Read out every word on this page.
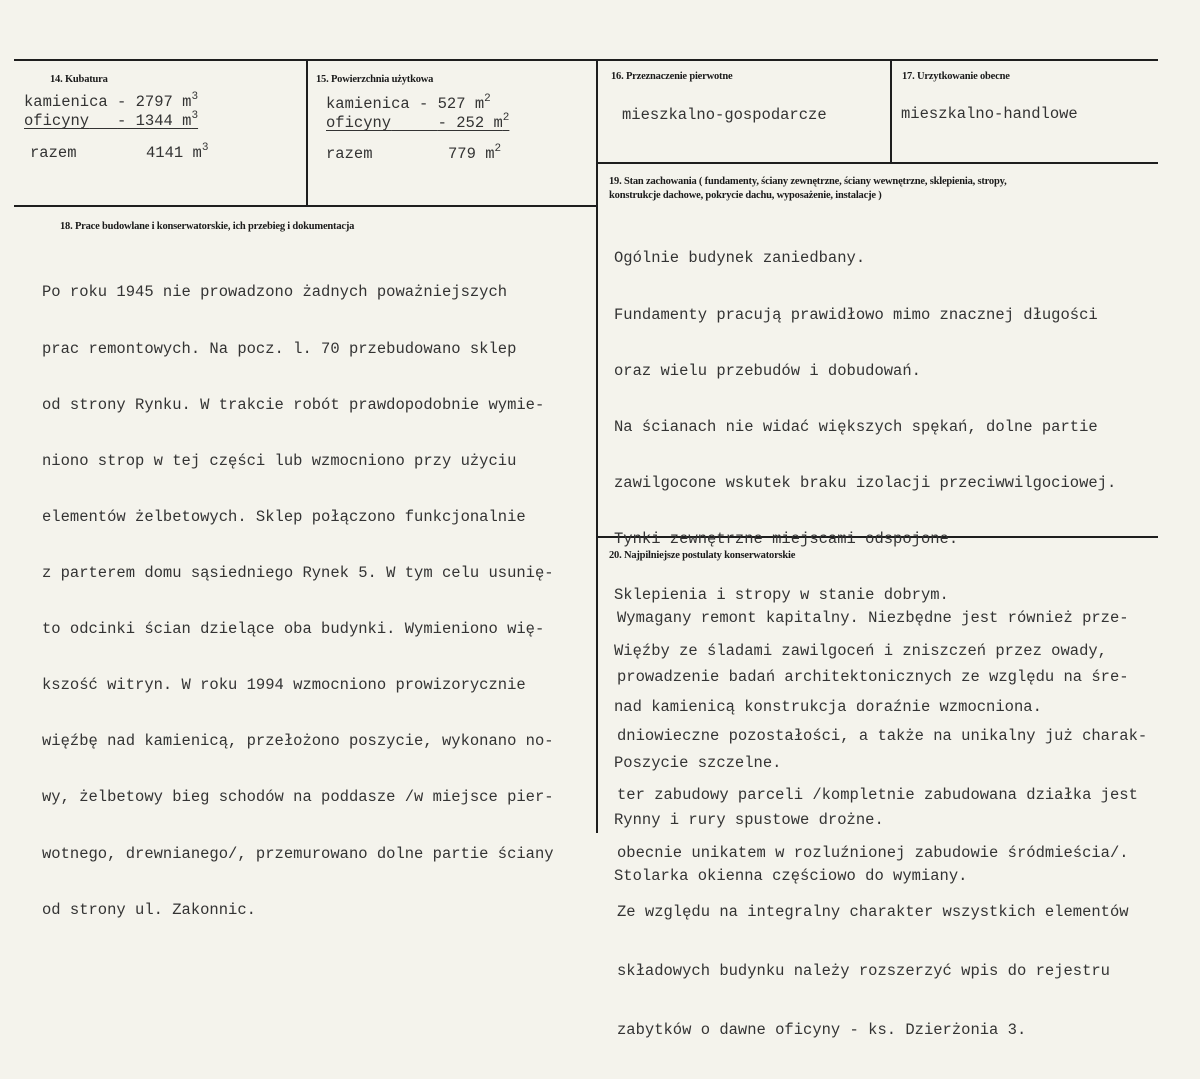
14. Kubatura
kamienica - 2797 $m^3$
oficyny - 1344 $m^3$
razem	4141 $m^3$
15. Powierzchnia użytkowa
kamienica - 527 $m^2$
oficyny	- 252 $m^2$
razem	779 $m^2$
16. Przeznaczenie pierwotne
mieszkalno-gospodarcze
17. Urzytkowanie obecne
mieszkalno-handlowe
18. Prace budowlane i konserwatorskie, ich przebieg i dokumentacja

Po roku 1945 nie prowadzono żadnych poważniejszych

prac remontowych. Na pocz. l. 70 przebudowano sklep

od strony Rynku. W trakcie robót prawdopodobnie wymie-

niono strop w tej części lub wzmocniono przy użyciu

elementów żelbetowych. Sklep połączono funkcjonalnie

z parterem domu sąsiedniego Rynek 5. W tym celu usunię-

to odcinki ścian dzielące oba budynki. Wymieniono wię-

kszość witryn. W roku 1994 wzmocniono prowizorycznie

więźbę nad kamienicą, przełożono poszycie, wykonano no-

wy, żelbetowy bieg schodów na poddasze /w miejsce pier-

wotnego, drewnianego/, przemurowano dolne partie ściany

od strony ul. Zakonnic.

19. Stan zachowania ( fundamenty, ściany zewnętrzne, ściany wewnętrzne, sklepienia, stropy,
konstrukcje dachowe, pokrycie dachu, wyposażenie, instalacje )

Ogólnie budynek zaniedbany.

Fundamenty pracują prawidłowo mimo znacznej długości

oraz wielu przebudów i dobudowań.

Na ścianach nie widać większych spękań, dolne partie

zawilgocone wskutek braku izolacji przeciwwilgociowej.

Tynki zewnętrzne miejscami odspojone.

Sklepienia i stropy w stanie dobrym.

Więźby ze śladami zawilgoceń i zniszczeń przez owady,

nad kamienicą konstrukcja doraźnie wzmocniona.

Poszycie szczelne.

Rynny i rury spustowe drożne.

Stolarka okienna częściowo do wymiany.

20. Najpilniejsze postulaty konserwatorskie

Wymagany remont kapitalny. Niezbędne jest również prze-

prowadzenie badań architektonicznych ze względu na śre-

dniowieczne pozostałości, a także na unikalny już charak-

ter zabudowy parceli /kompletnie zabudowana działka jest

obecnie unikatem w rozluźnionej zabudowie śródmieścia/.

Ze względu na integralny charakter wszystkich elementów

składowych budynku należy rozszerzyć wpis do rejestru

zabytków o dawne oficyny - ks. Dzierżonia 3.
